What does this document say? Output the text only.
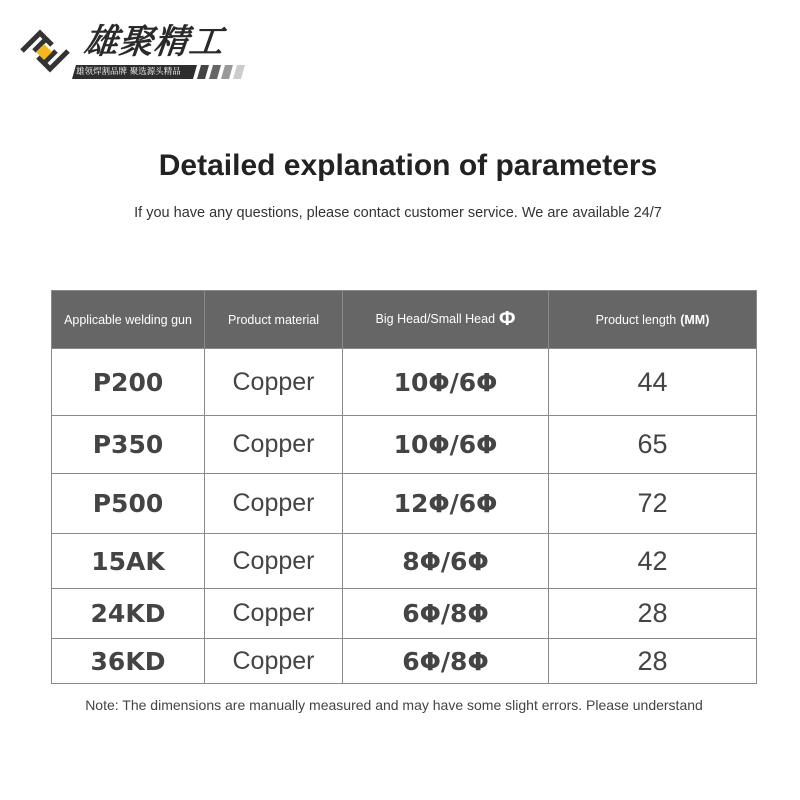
雄聚精工
雄领焊割品牌 聚选源头精品
Detailed explanation of parameters
If you have any questions, please contact customer service. We are available 24/7
Applicable welding gun	Product material	Big Head/Small Head Φ	Product length (MM)
P200	Copper	10Φ/6Φ	44
P350	Copper	10Φ/6Φ	65
P500	Copper	12Φ/6Φ	72
15AK	Copper	8Φ/6Φ	42
24KD	Copper	6Φ/8Φ	28
36KD	Copper	6Φ/8Φ	28
Note: The dimensions are manually measured and may have some slight errors. Please understand
